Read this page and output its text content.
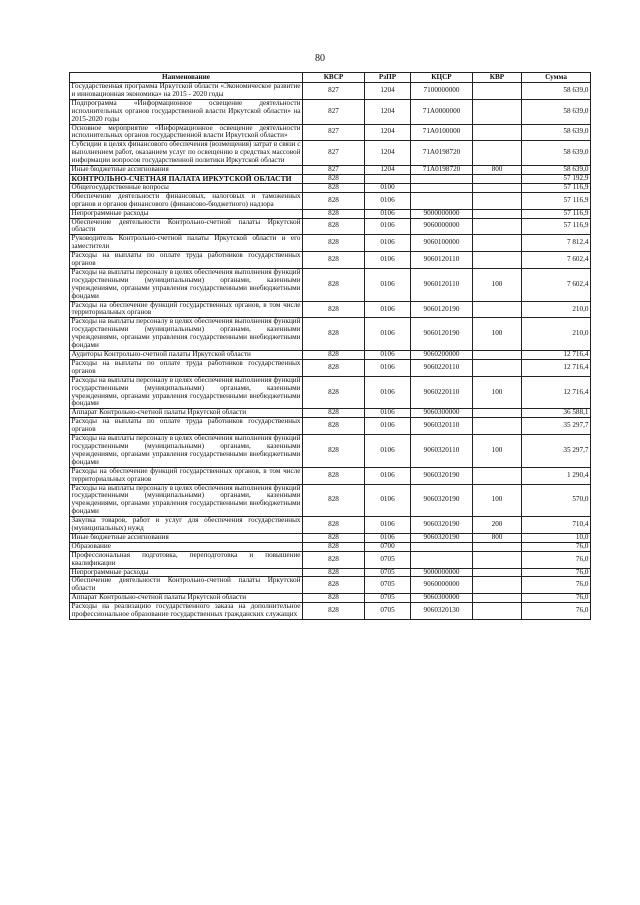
80
Наименование	КВСР	РзПР	КЦСР	КВР	Сумма
Государственная программа Иркутской области «Экономическое развитие и инновационная экономика» на 2015 - 2020 годы	827	1204	7100000000		58 639,0
Подпрограмма «Информационное освещение деятельности исполнительных органов государственной власти Иркутской области» на 2015-2020 годы	827	1204	71А0000000		58 639,0
Основное мероприятие «Информационное освещение деятельности исполнительных органов государственной власти Иркутской области»	827	1204	71А0100000		58 639,0
Субсидии в целях финансового обеспечения (возмещения) затрат в связи с выполнением работ, оказанием услуг по освещению в средствах массовой информации вопросов государственной политики Иркутской области	827	1204	71А0198720		58 639,0
Иные бюджетные ассигнования	827	1204	71А0198720	800	58 639,0
КОНТРОЛЬНО-СЧЕТНАЯ ПАЛАТА ИРКУТСКОЙ ОБЛАСТИ	828				57 192,9
Общегосударственные вопросы	828	0100			57 116,9
Обеспечение деятельности финансовых, налоговых и таможенных органов и органов финансового (финансово-бюджетного) надзора	828	0106			57 116,9
Непрограммные расходы	828	0106	9000000000		57 116,9
Обеспечение деятельности Контрольно-счетной палаты Иркутской области	828	0106	9060000000		57 116,9
Руководитель Контрольно-счетной палаты Иркутской области и его заместители	828	0106	9060100000		7 812,4
Расходы на выплаты по оплате труда работников государственных органов	828	0106	9060120110		7 602,4
Расходы на выплаты персоналу в целях обеспечения выполнения функций государственными (муниципальными) органами, казенными учреждениями, органами управления государственными внебюджетными фондами	828	0106	9060120110	100	7 602,4
Расходы на обеспечение функций государственных органов, в том числе территориальных органов	828	0106	9060120190		210,0
Расходы на выплаты персоналу в целях обеспечения выполнения функций государственными (муниципальными) органами, казенными учреждениями, органами управления государственными внебюджетными фондами	828	0106	9060120190	100	210,0
Аудиторы Контрольно-счетной палаты Иркутской области	828	0106	9060200000		12 716,4
Расходы на выплаты по оплате труда работников государственных органов	828	0106	9060220110		12 716,4
Расходы на выплаты персоналу в целях обеспечения выполнения функций государственными (муниципальными) органами, казенными учреждениями, органами управления государственными внебюджетными фондами	828	0106	9060220110	100	12 716,4
Аппарат Контрольно-счетной палаты Иркутской области	828	0106	9060300000		36 588,1
Расходы на выплаты по оплате труда работников государственных органов	828	0106	9060320110		35 297,7
Расходы на выплаты персоналу в целях обеспечения выполнения функций государственными (муниципальными) органами, казенными учреждениями, органами управления государственными внебюджетными фондами	828	0106	9060320110	100	35 297,7
Расходы на обеспечение функций государственных органов, в том числе территориальных органов	828	0106	9060320190		1 290,4
Расходы на выплаты персоналу в целях обеспечения выполнения функций государственными (муниципальными) органами, казенными учреждениями, органами управления государственными внебюджетными фондами	828	0106	9060320190	100	570,0
Закупка товаров, работ и услуг для обеспечения государственных (муниципальных) нужд	828	0106	9060320190	200	710,4
Иные бюджетные ассигнования	828	0106	9060320190	800	10,0
Образование	828	0700			76,0
Профессиональная подготовка, переподготовка и повышение квалификации	828	0705			76,0
Непрограммные расходы	828	0705	9000000000		76,0
Обеспечение деятельности Контрольно-счетной палаты Иркутской области	828	0705	9060000000		76,0
Аппарат Контрольно-счетной палаты Иркутской области	828	0705	9060300000		76,0
Расходы на реализацию государственного заказа на дополнительное профессиональное образование государственных гражданских служащих	828	0705	9060320130		76,0
